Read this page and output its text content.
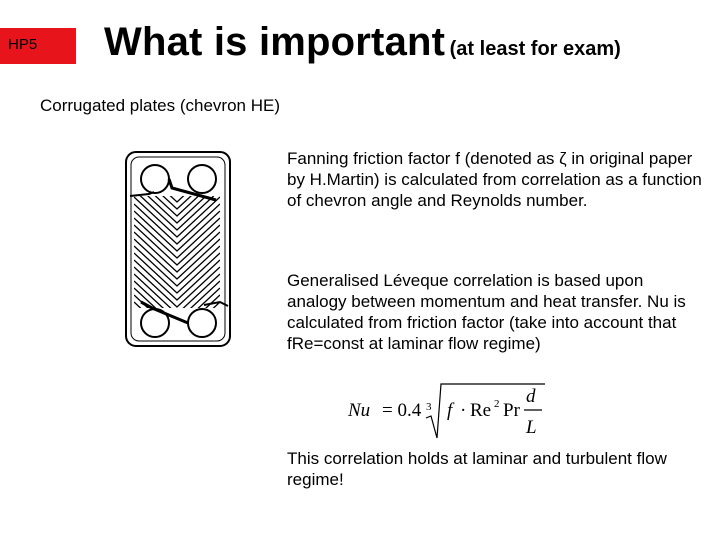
HP5	What is important (at least for exam)
Corrugated plates (chevron HE)
Fanning friction factor f (denoted as ζ in original paper by H.Martin) is calculated from correlation as a function of chevron angle and Reynolds number.
Generalised Léveque correlation is based upon analogy between momentum and heat transfer. Nu is calculated from friction factor (take into account that fRe=const at laminar flow regime)
Nu = 0.4 3 f · Re 2 Pr
d
L
This correlation holds at laminar and turbulent flow regime!
